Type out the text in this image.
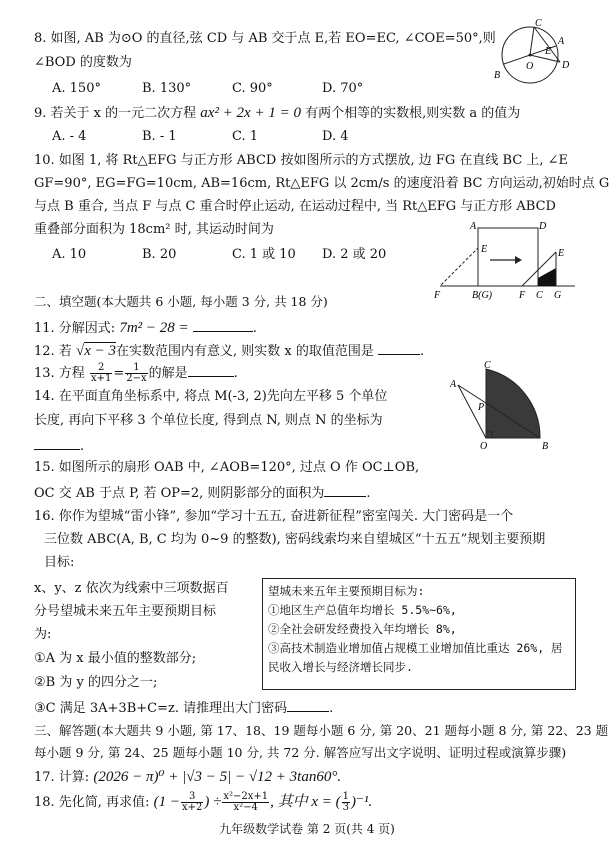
8. 如图, AB 为⊙O 的直径,弦 CD 与 AB 交于点 E,若 EO=EC, ∠COE=50°,则
∠BOD 的度数为
A. 150°	B. 130°	C. 90°	D. 70°
C
E
D
O
B
A
9. 若关于 x 的一元二次方程 ax² + 2x + 1 = 0 有两个相等的实数根,则实数 a 的值为
A. - 4	B. - 1	C. 1	D. 4
10. 如图 1, 将 Rt△EFG 与正方形 ABCD 按如图所示的方式摆放, 边 FG 在直线 BC 上, ∠E
GF=90°, EG=FG=10cm, AB=16cm, Rt△EFG 以 2cm/s 的速度沿着 BC 方向运动,初始时点 G
与点 B 重合, 当点 F 与点 C 重合时停止运动, 在运动过程中, 当 Rt△EFG 与正方形 ABCD
重叠部分面积为 18cm² 时, 其运动时间为
A. 10	B. 20	C. 1 或 10 D. 2 或 20
A	D
E	E
F	B(G)	F C G
二、填空题(本大题共 6 小题, 每小题 3 分, 共 18 分)
11. 分解因式: 7m² − 28 =	.
12. 若 √x − 3在实数范围内有意义, 则实数 x 的取值范围是	.
13. 方程 $\frac{2}{x+1} = \frac{1}{2-x}$ 的解是	.
14. 在平面直角坐标系中, 将点 M(-3, 2)先向左平移 5 个单位
长度, 再向下平移 3 个单位长度, 得到点 N, 则点 N 的坐标为
.
C
A
P
O	B
15. 如图所示的扇形 OAB 中, ∠AOB=120°, 过点 O 作 OC⊥OB,
OC 交 AB 于点 P, 若 OP=2, 则阴影部分的面积为	.
16. 你作为望城“雷小锋”, 参加“学习十五五, 奋进新征程”密室闯关. 大门密码是一个
三位数 ABC(A, B, C 均为 0~9 的整数), 密码线索均来自望城区“十五五”规划主要预期
目标:
x、y、z 依次为线索中三项数据百
分号望城未来五年主要预期目标
为:
①A 为 x 最小值的整数部分;
②B 为 y 的四分之一;
③C 满足 3A+3B+C=z. 请推理出大门密码	.
望城未来五年主要预期目标为:
①地区生产总值年均增长 5.5%~6%,
②全社会研发经费投入年均增长 8%,
③高技术制造业增加值占规模工业增加值比重达 26%, 居
民收入增长与经济增长同步.
三、解答题(本大题共 9 小题, 第 17、18、19 题每小题 6 分, 第 20、21 题每小题 8 分, 第 22、23 题
每小题 9 分, 第 24、25 题每小题 10 分, 共 72 分. 解答应写出文字说明、证明过程或演算步骤)
17. 计算: (2026 − π)⁰ + |√3 − 5| − √12 + 3tan60°.
18. 先化简, 再求值: ($1 - \frac{3}{x+2}$ ) ÷ $\frac{\text{x²−2x+1}}{\text{x²−4}}$ , 其中 x = ( $\frac{1}{3} )^{-1}$.
九年级数学试卷 第 2 页(共 4 页)
